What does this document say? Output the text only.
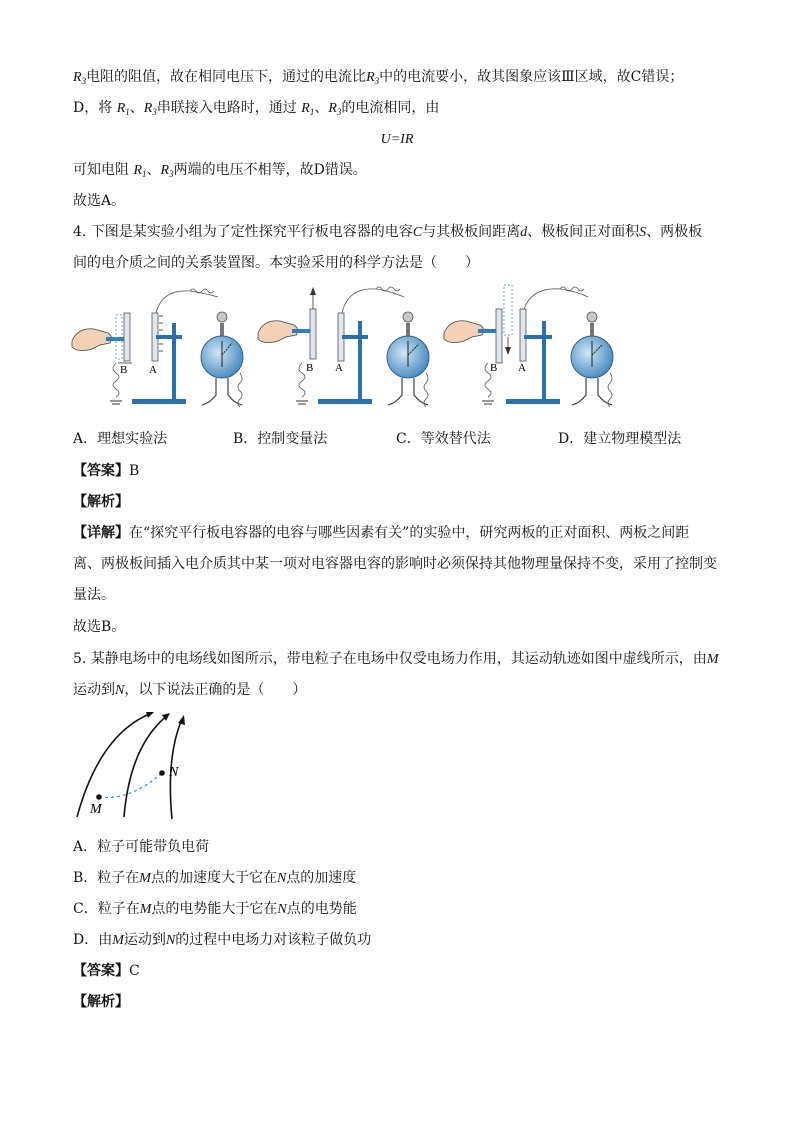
$R_3$电阻的阻值，故在相同电压下，通过的电流比$R_3$中的电流要小，故其图象应该Ⅲ区域，故C错误；
D，将 $R_1$、$R_3$串联接入电路时，通过 $R_1$、$R_3$的电流相同，由
U=IR
可知电阻 $R_1$、$R_3$两端的电压不相等，故D错误。
故选A。
4. 下图是某实验小组为了定性探究平行板电容器的电容C与其极板间距离d、极板间正对面积S、两极板
间的电介质之间的关系装置图。本实验采用的科学方法是（　　）
B A	B A	B A
A．理想实验法	B．控制变量法	C．等效替代法	D．建立物理模型法
【答案】B
【解析】
【详解】在“探究平行板电容器的电容与哪些因素有关”的实验中，研究两板的正对面积、两板之间距
离、两极板间插入电介质其中某一项对电容器电容的影响时必须保持其他物理量保持不变，采用了控制变
量法。
故选B。
5. 某静电场中的电场线如图所示，带电粒子在电场中仅受电场力作用，其运动轨迹如图中虚线所示，由M
运动到N，以下说法正确的是（　　）
M
N
A．粒子可能带负电荷
B．粒子在M点的加速度大于它在N点的加速度
C．粒子在M点的电势能大于它在N点的电势能
D．由M运动到N的过程中电场力对该粒子做负功
【答案】C
【解析】
